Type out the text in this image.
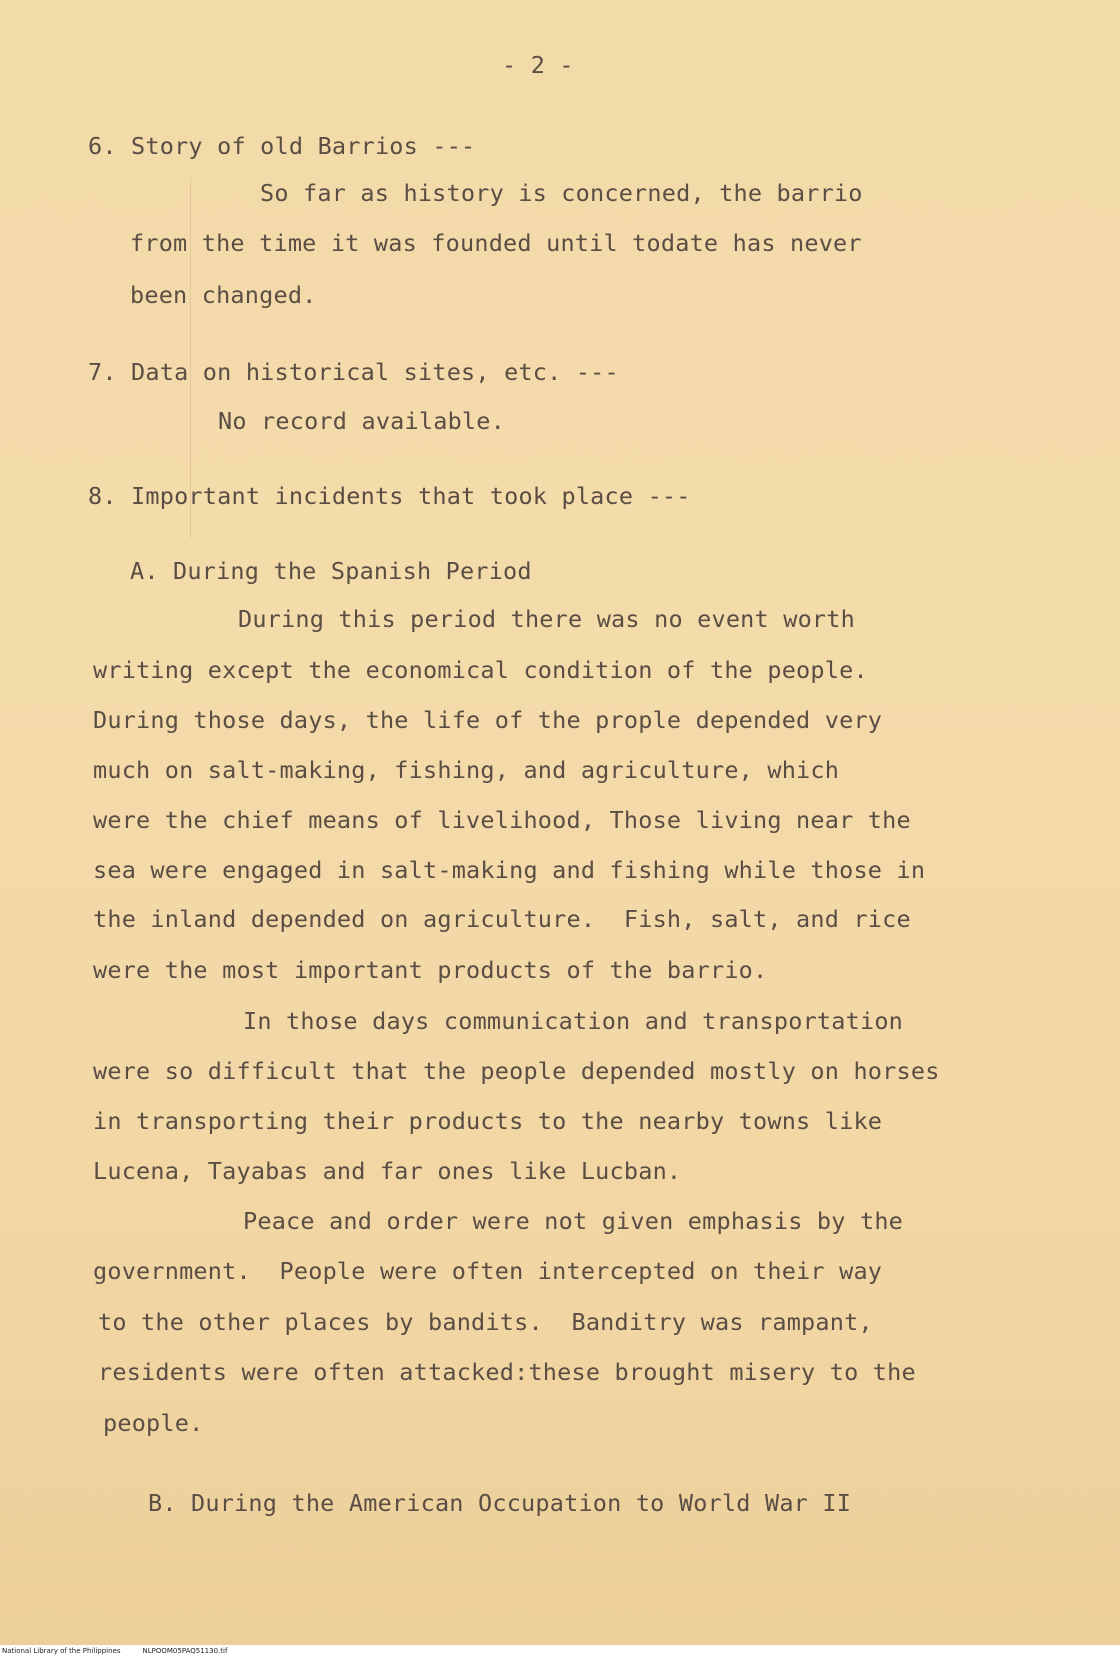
- 2 -
6. Story of old Barrios ---
So far as history is concerned, the barrio
from the time it was founded until todate has never
been changed.
7. Data on historical sites, etc. ---
No record available.
8. Important incidents that took place ---
A. During the Spanish Period
During this period there was no event worth
writing except the economical condition of the people.
During those days, the life of the prople depended very
much on salt-making, fishing, and agriculture, which
were the chief means of livelihood, Those living near the
sea were engaged in salt-making and fishing while those in
the inland depended on agriculture.  Fish, salt, and rice
were the most important products of the barrio.
In those days communication and transportation
were so difficult that the people depended mostly on horses
in transporting their products to the nearby towns like
Lucena, Tayabas and far ones like Lucban.
Peace and order were not given emphasis by the
government.  People were often intercepted on their way
to the other places by bandits.  Banditry was rampant,
residents were often attacked:these brought misery to the
people.
B. During the American Occupation to World War II
National Library of the Philippines	NLPOOM05PAQ51130.tif
